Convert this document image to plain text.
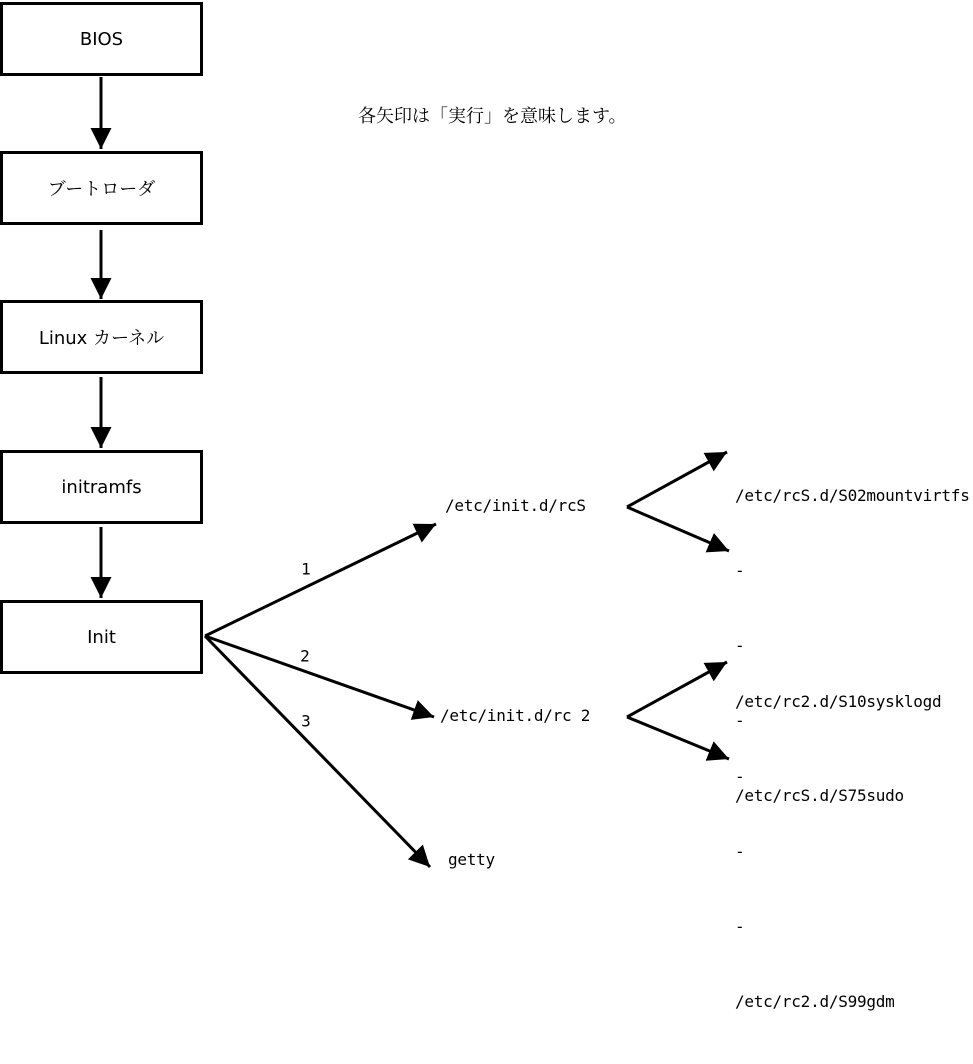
各矢印は「実行」を意味します。
BIOS
ブートローダ
Linux カーネル
initramfs
Init
1
2
3
/etc/init.d/rcS
/etc/init.d/rc 2
getty

/etc/rcS.d/S02mountvirtfs

-

-

-

/etc/rcS.d/S75sudo

/etc/rc2.d/S10sysklogd

-

-

-

/etc/rc2.d/S99gdm
